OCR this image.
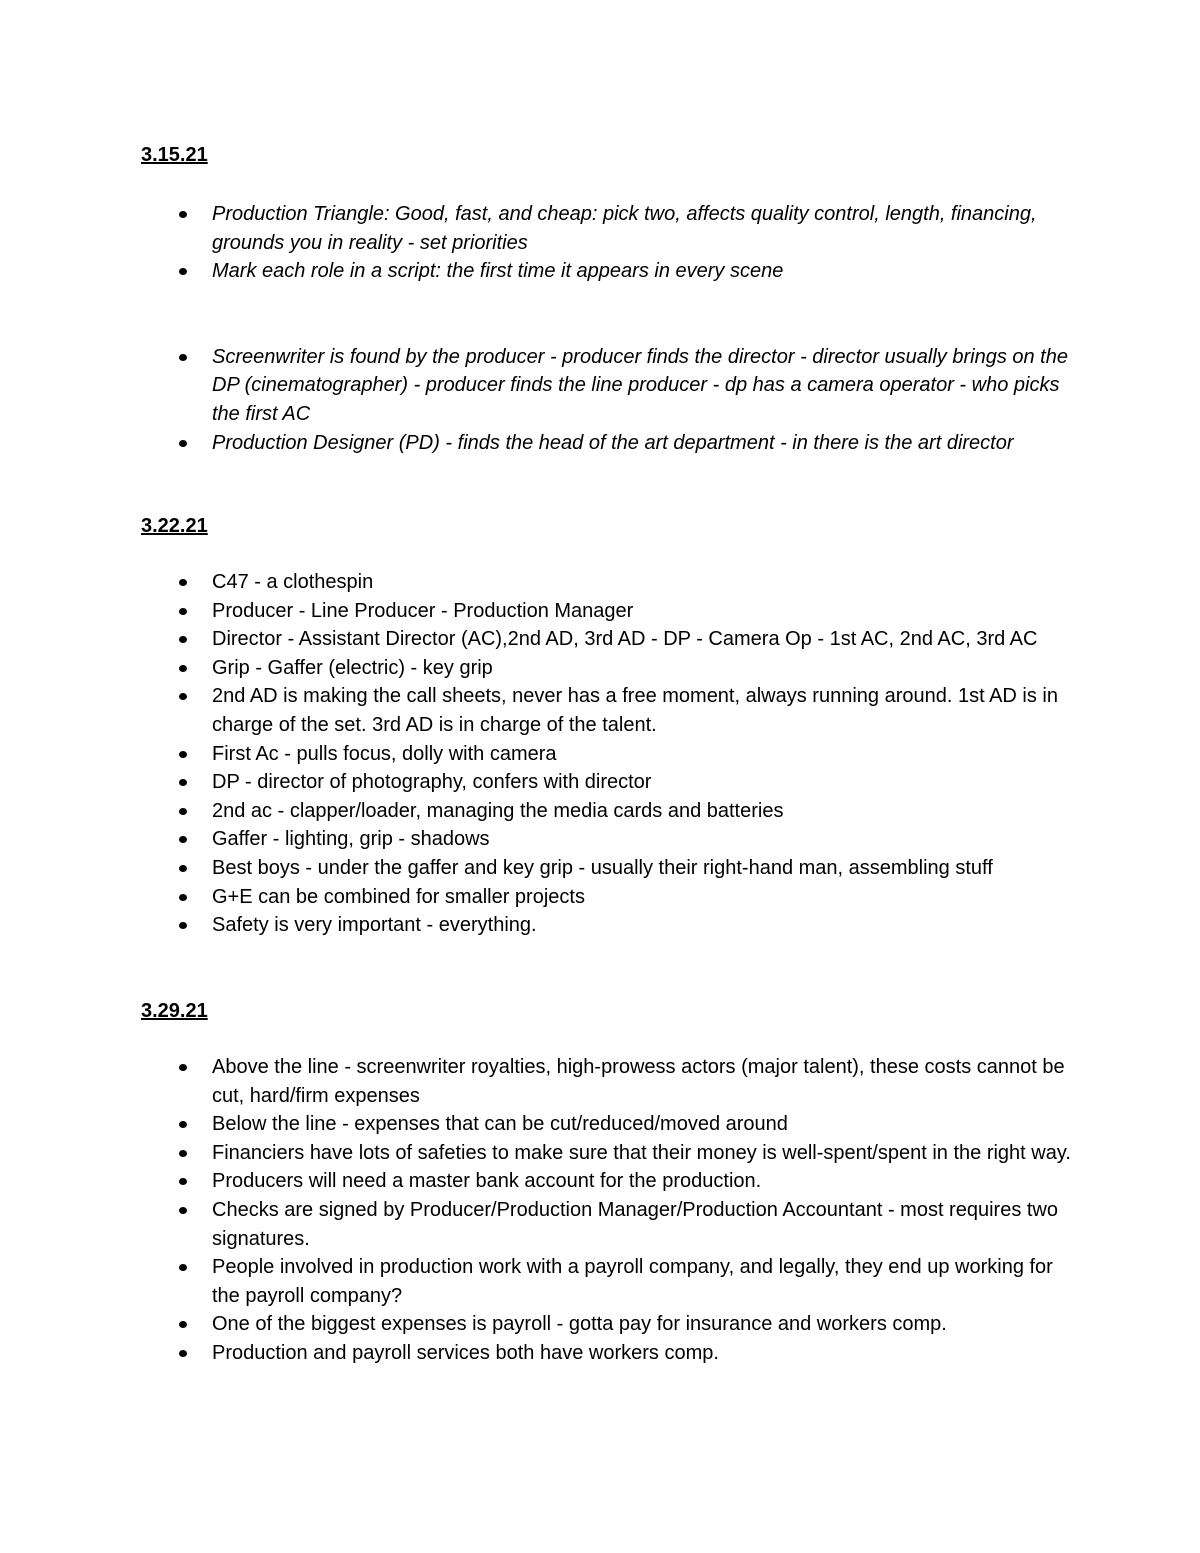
3.15.21

Production Triangle: Good, fast, and cheap: pick two, affects quality control, length, financing, grounds you in reality - set priorities
Mark each role in a script: the first time it appears in every scene
Screenwriter is found by the producer - producer finds the director - director usually brings on the DP (cinematographer) - producer finds the line producer - dp has a camera operator - who picks the first AC
Production Designer (PD) - finds the head of the art department - in there is the art director

3.22.21

C47 - a clothespin
Producer - Line Producer - Production Manager
Director - Assistant Director (AC),2nd AD, 3rd AD - DP - Camera Op - 1st AC, 2nd AC, 3rd AC
Grip - Gaffer (electric) - key grip
2nd AD is making the call sheets, never has a free moment, always running around. 1st AD is in charge of the set. 3rd AD is in charge of the talent.
First Ac - pulls focus, dolly with camera
DP - director of photography, confers with director
2nd ac - clapper/loader, managing the media cards and batteries
Gaffer - lighting, grip - shadows
Best boys - under the gaffer and key grip - usually their right-hand man, assembling stuff
G+E can be combined for smaller projects
Safety is very important - everything.

3.29.21

Above the line - screenwriter royalties, high-prowess actors (major talent), these costs cannot be cut, hard/firm expenses
Below the line - expenses that can be cut/reduced/moved around
Financiers have lots of safeties to make sure that their money is well-spent/spent in the right way.
Producers will need a master bank account for the production.
Checks are signed by Producer/Production Manager/Production Accountant - most requires two signatures.
People involved in production work with a payroll company, and legally, they end up working for the payroll company?
One of the biggest expenses is payroll - gotta pay for insurance and workers comp.
Production and payroll services both have workers comp.
